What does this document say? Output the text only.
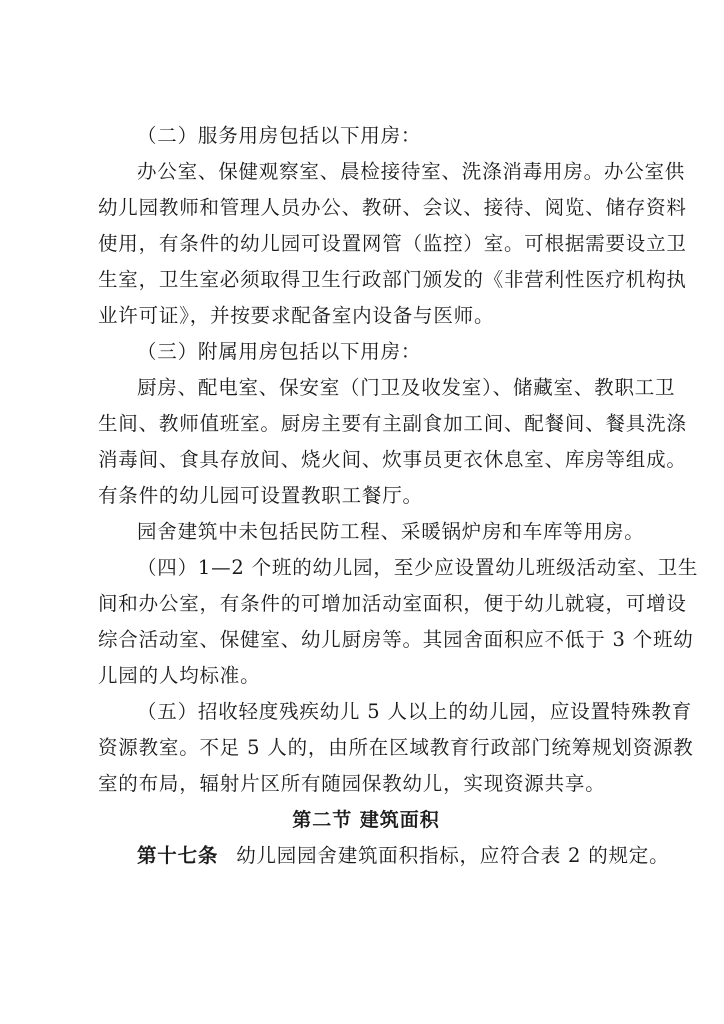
（二）服务用房包括以下用房：
办公室、保健观察室、晨检接待室、洗涤消毒用房。办公室供
幼儿园教师和管理人员办公、教研、会议、接待、阅览、储存资料
使用，有条件的幼儿园可设置网管（监控）室。可根据需要设立卫
生室，卫生室必须取得卫生行政部门颁发的《非营利性医疗机构执
业许可证》，并按要求配备室内设备与医师。
（三）附属用房包括以下用房：
厨房、配电室、保安室（门卫及收发室）、储藏室、教职工卫
生间、教师值班室。厨房主要有主副食加工间、配餐间、餐具洗涤
消毒间、食具存放间、烧火间、炊事员更衣休息室、库房等组成。
有条件的幼儿园可设置教职工餐厅。
园舍建筑中未包括民防工程、采暖锅炉房和车库等用房。
（四）1—2 个班的幼儿园，至少应设置幼儿班级活动室、卫生
间和办公室，有条件的可增加活动室面积，便于幼儿就寝，可增设
综合活动室、保健室、幼儿厨房等。其园舍面积应不低于 3 个班幼
儿园的人均标准。
（五）招收轻度残疾幼儿 5 人以上的幼儿园，应设置特殊教育
资源教室。不足 5 人的，由所在区域教育行政部门统筹规划资源教
室的布局，辐射片区所有随园保教幼儿，实现资源共享。
第二节 建筑面积
第十七条 幼儿园园舍建筑面积指标，应符合表 2 的规定。
